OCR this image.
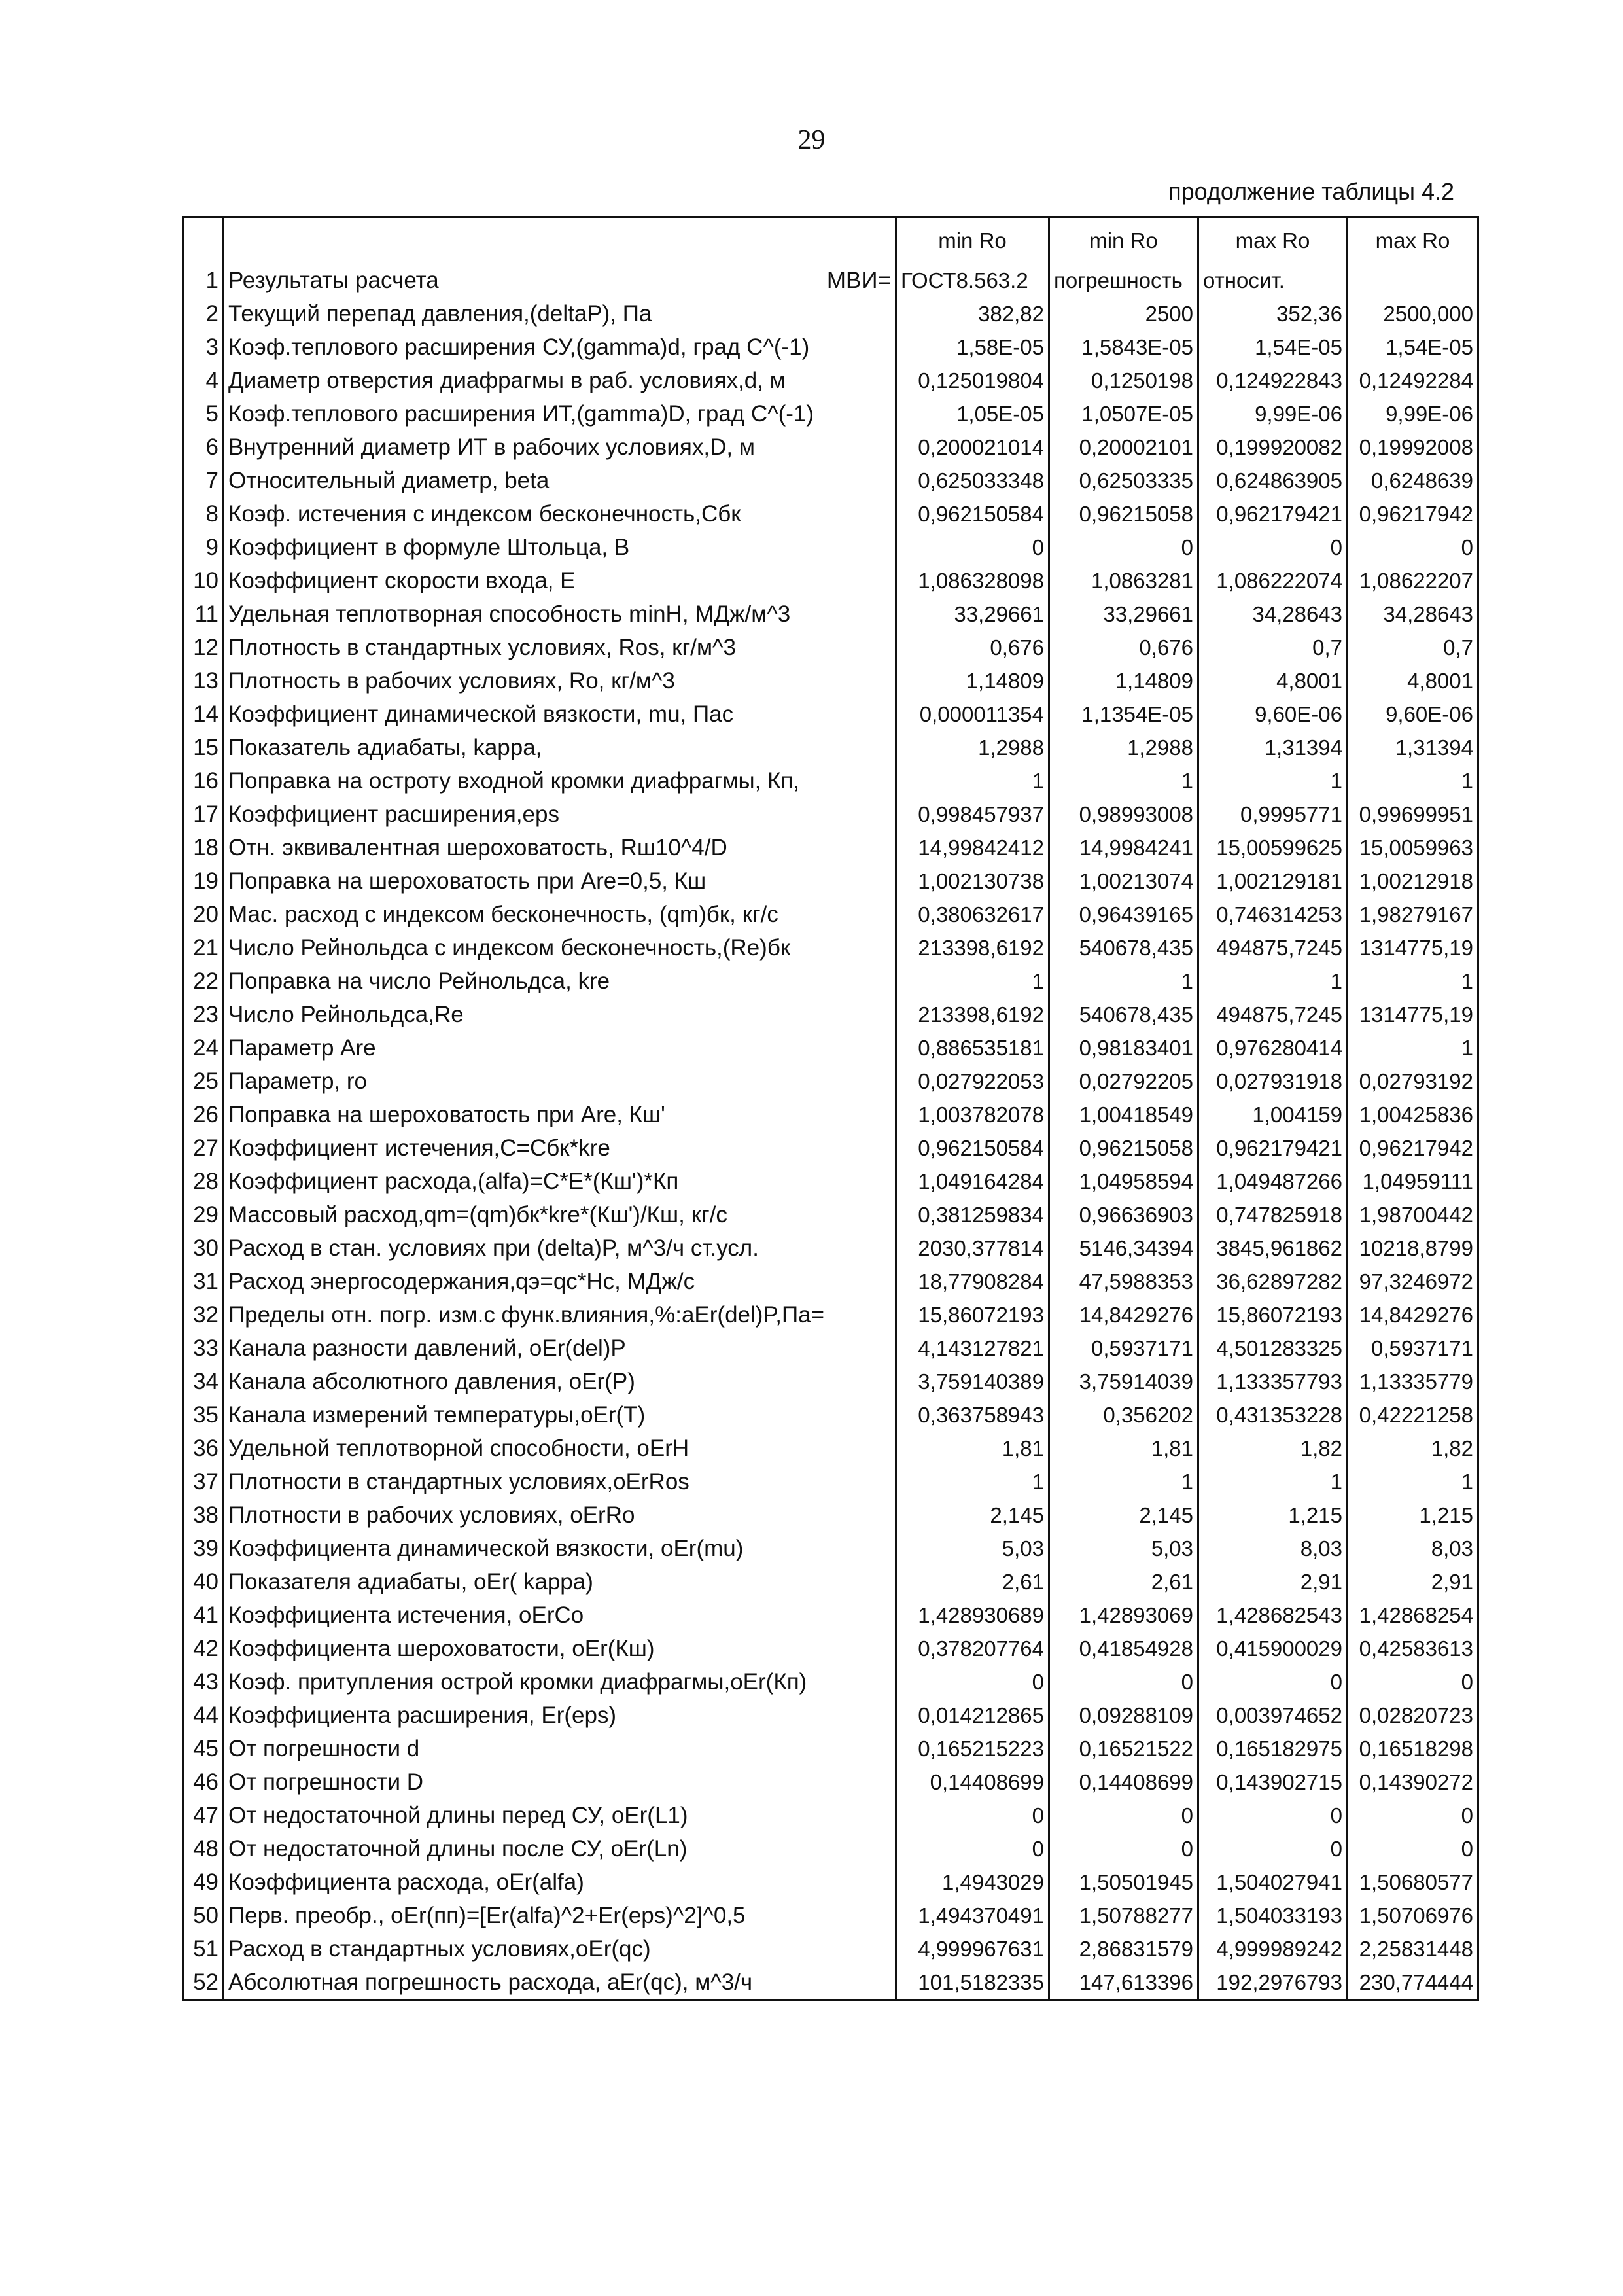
29
продолжение таблицы 4.2
		min Ro	min Ro	max Ro	max Ro
1	Результаты расчета МВИ=	ГОСТ8.563.2	погрешность	относит.	
2	Текущий перепад давления,(deltaP), Па	382,82	2500	352,36	2500,000
3	Коэф.теплового расширения СУ,(gamma)d, град C^(-1)	1,58E-05	1,5843E-05	1,54E-05	1,54E-05
4	Диаметр отверстия диафрагмы в раб. условиях,d, м	0,125019804	0,1250198	0,124922843	0,12492284
5	Коэф.теплового расширения ИТ,(gamma)D, град C^(-1)	1,05E-05	1,0507E-05	9,99E-06	9,99E-06
6	Внутренний диаметр ИТ в рабочих условиях,D, м	0,200021014	0,20002101	0,199920082	0,19992008
7	Относительный диаметр, beta	0,625033348	0,62503335	0,624863905	0,6248639
8	Коэф. истечения с индексом бесконечность,Сбк	0,962150584	0,96215058	0,962179421	0,96217942
9	Коэффициент в формуле Штольца, B	0	0	0	0
10	Коэффициент скорости входа, E	1,086328098	1,0863281	1,086222074	1,08622207
11	Удельная теплотворная способность minH, МДж/м^3	33,29661	33,29661	34,28643	34,28643
12	Плотность в стандартных условиях, Ros, кг/м^3	0,676	0,676	0,7	0,7
13	Плотность в рабочих условиях, Ro, кг/м^3	1,14809	1,14809	4,8001	4,8001
14	Коэффициент динамической вязкости, mu, Пас	0,000011354	1,1354E-05	9,60E-06	9,60E-06
15	Показатель адиабаты, kappa,	1,2988	1,2988	1,31394	1,31394
16	Поправка на остроту входной кромки диафрагмы, Кп,	1	1	1	1
17	Коэффициент расширения,eps	0,998457937	0,98993008	0,9995771	0,99699951
18	Отн. эквивалентная шероховатость, Rш10^4/D	14,99842412	14,9984241	15,00599625	15,0059963
19	Поправка на шероховатость при Are=0,5, Кш	1,002130738	1,00213074	1,002129181	1,00212918
20	Мас. расход с индексом бесконечность, (qm)бк, кг/с	0,380632617	0,96439165	0,746314253	1,98279167
21	Число Рейнольдса с индексом бесконечность,(Re)бк	213398,6192	540678,435	494875,7245	1314775,19
22	Поправка на число Рейнольдса, kre	1	1	1	1
23	Число Рейнольдса,Re	213398,6192	540678,435	494875,7245	1314775,19
24	Параметр Are	0,886535181	0,98183401	0,976280414	1
25	Параметр, ro	0,027922053	0,02792205	0,027931918	0,02793192
26	Поправка на шероховатость при Are, Кш'	1,003782078	1,00418549	1,004159	1,00425836
27	Коэффициент истечения,С=Сбк*kre	0,962150584	0,96215058	0,962179421	0,96217942
28	Коэффициент расхода,(alfa)=C*E*(Кш')*Кп	1,049164284	1,04958594	1,049487266	1,04959111
29	Массовый расход,qm=(qm)бк*kre*(Кш')/Кш, кг/с	0,381259834	0,96636903	0,747825918	1,98700442
30	Расход в стан. условиях при (delta)P, м^3/ч ст.усл.	2030,377814	5146,34394	3845,961862	10218,8799
31	Расход энергосодержания,qэ=qc*Hc, МДж/с	18,77908284	47,5988353	36,62897282	97,3246972
32	Пределы отн. погр. изм.с функ.влияния,%:aEr(del)P,Па=	15,86072193	14,8429276	15,86072193	14,8429276
33	Канала разности давлений, oEr(del)P	4,143127821	0,5937171	4,501283325	0,5937171
34	Канала абсолютного давления, oEr(P)	3,759140389	3,75914039	1,133357793	1,13335779
35	Канала измерений температуры,oEr(T)	0,363758943	0,356202	0,431353228	0,42221258
36	Удельной теплотворной способности, oErH	1,81	1,81	1,82	1,82
37	Плотности в стандартных условиях,oErRos	1	1	1	1
38	Плотности в рабочих условиях, oErRo	2,145	2,145	1,215	1,215
39	Коэффициента динамической вязкости, oEr(mu)	5,03	5,03	8,03	8,03
40	Показателя адиабаты, oEr( kappa)	2,61	2,61	2,91	2,91
41	Коэффициента истечения, oErCo	1,428930689	1,42893069	1,428682543	1,42868254
42	Коэффициента шероховатости, oEr(Кш)	0,378207764	0,41854928	0,415900029	0,42583613
43	Коэф. притупления острой кромки диафрагмы,oEr(Кп)	0	0	0	0
44	Коэффициента расширения, Er(eps)	0,014212865	0,09288109	0,003974652	0,02820723
45	От погрешности d	0,165215223	0,16521522	0,165182975	0,16518298
46	От погрешности D	0,14408699	0,14408699	0,143902715	0,14390272
47	От недостаточной длины перед СУ, oEr(L1)	0	0	0	0
48	От недостаточной длины после СУ, oEr(Ln)	0	0	0	0
49	Коэффициента расхода, oEr(alfa)	1,4943029	1,50501945	1,504027941	1,50680577
50	Перв. преобр., oEr(пп)=[Er(alfa)^2+Er(eps)^2]^0,5	1,494370491	1,50788277	1,504033193	1,50706976
51	Расход в стандартных условиях,oEr(qc)	4,999967631	2,86831579	4,999989242	2,25831448
52	Абсолютная погрешность расхода, aEr(qc), м^3/ч	101,5182335	147,613396	192,2976793	230,774444
